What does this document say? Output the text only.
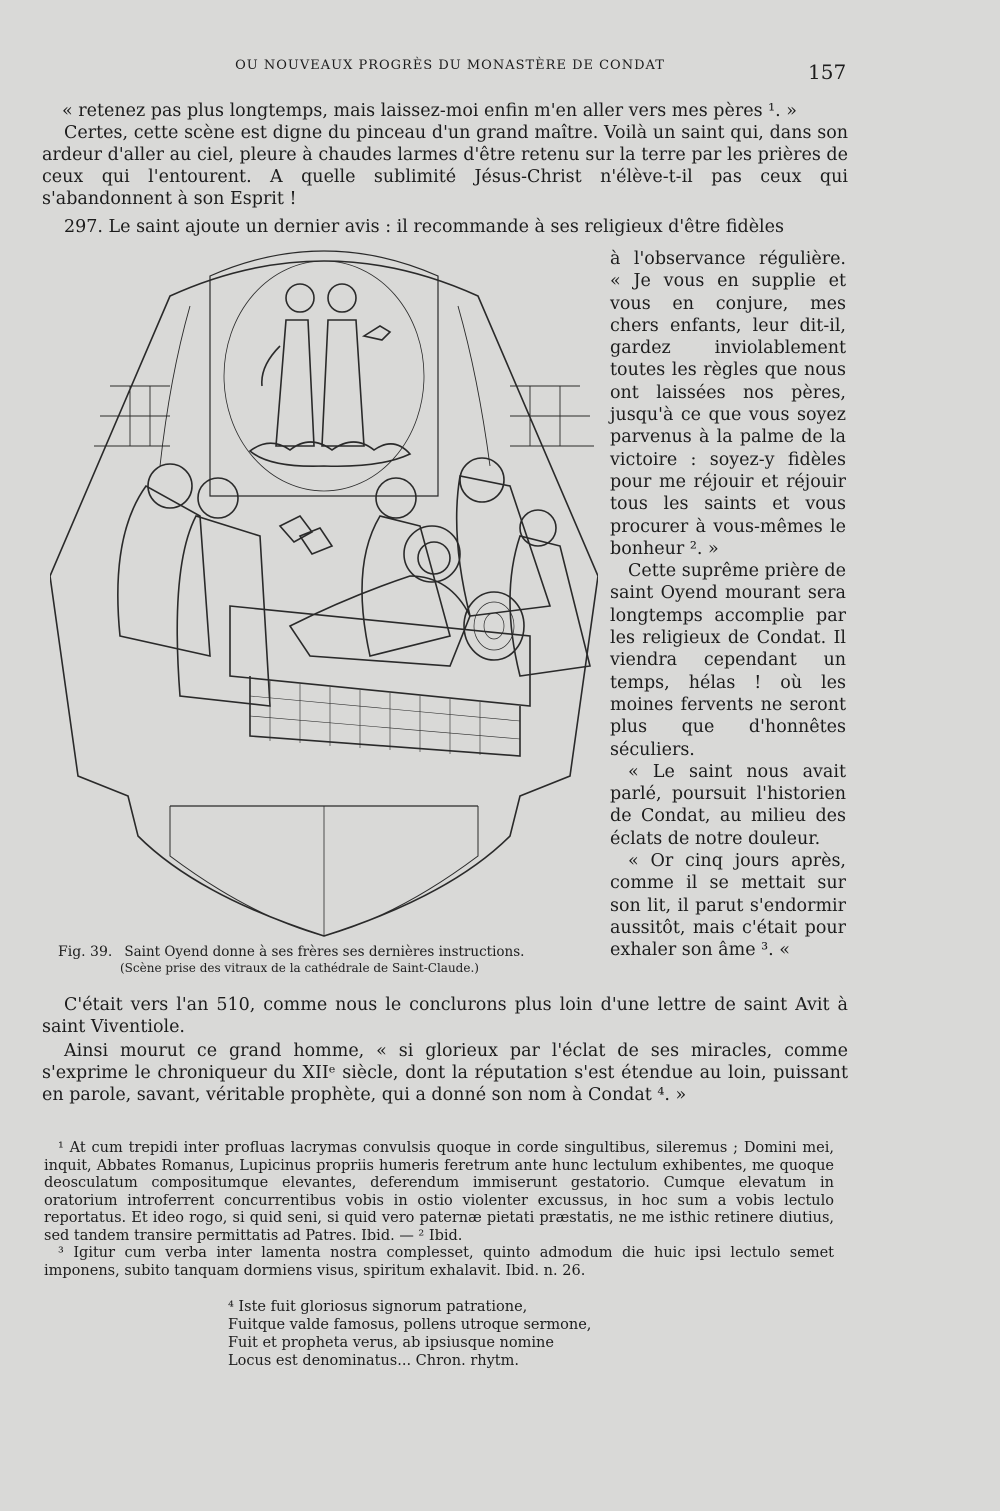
OU NOUVEAUX PROGRÈS DU MONASTÈRE DE CONDAT	157

« retenez pas plus longtemps, mais laissez-moi enfin m'en aller vers mes pères ¹. »

Certes, cette scène est digne du pinceau d'un grand maître. Voilà un saint qui, dans son ardeur d'aller au ciel, pleure à chaudes larmes d'être retenu sur la terre par les prières de ceux qui l'entourent. A quelle sublimité Jésus-Christ n'élève-t-il pas ceux qui s'abandonnent à son Esprit !

297. Le saint ajoute un dernier avis : il recommande à ses religieux d'être fidèles

Fig. 39. Saint Oyend donne à ses frères ses dernières instructions.
(Scène prise des vitraux de la cathédrale de Saint-Claude.)

à l'observance régulière. « Je vous en supplie et vous en conjure, mes chers enfants, leur dit-il, gardez inviolablement toutes les règles que nous ont laissées nos pères, jusqu'à ce que vous soyez parvenus à la palme de la victoire : soyez-y fidèles pour me réjouir et réjouir tous les saints et vous procurer à vous-mêmes le bonheur ². »

Cette suprême prière de saint Oyend mourant sera longtemps accomplie par les religieux de Condat. Il viendra cependant un temps, hélas ! où les moines fervents ne seront plus que d'honnêtes séculiers.

« Le saint nous avait parlé, poursuit l'historien de Condat, au milieu des éclats de notre douleur.

« Or cinq jours après, comme il se mettait sur son lit, il parut s'endormir aussitôt, mais c'était pour exhaler son âme ³. «

C'était vers l'an 510, comme nous le conclurons plus loin d'une lettre de saint Avit à saint Viventiole.

Ainsi mourut ce grand homme, « si glorieux par l'éclat de ses miracles, comme s'exprime le chroniqueur du XIIᵉ siècle, dont la réputation s'est étendue au loin, puissant en parole, savant, véritable prophète, qui a donné son nom à Condat ⁴. »

¹ At cum trepidi inter profluas lacrymas convulsis quoque in corde singultibus, sileremus ; Domini mei, inquit, Abbates Romanus, Lupicinus propriis humeris feretrum ante hunc lectulum exhibentes, me quoque deosculatum compositumque elevantes, deferendum immiserunt gestatorio. Cumque elevatum in oratorium introferrent concurrentibus vobis in ostio violenter excussus, in hoc sum a vobis lectulo reportatus. Et ideo rogo, si quid seni, si quid vero paternæ pietati præstatis, ne me isthic retinere diutius, sed tandem transire permittatis ad Patres. Ibid. — ² Ibid.

³ Igitur cum verba inter lamenta nostra complesset, quinto admodum die huic ipsi lectulo semet imponens, subito tanquam dormiens visus, spiritum exhalavit. Ibid. n. 26.

⁴ Iste fuit gloriosus signorum patratione,

Fuitque valde famosus, pollens utroque sermone,

Fuit et propheta verus, ab ipsiusque nomine

Locus est denominatus... Chron. rhytm.
